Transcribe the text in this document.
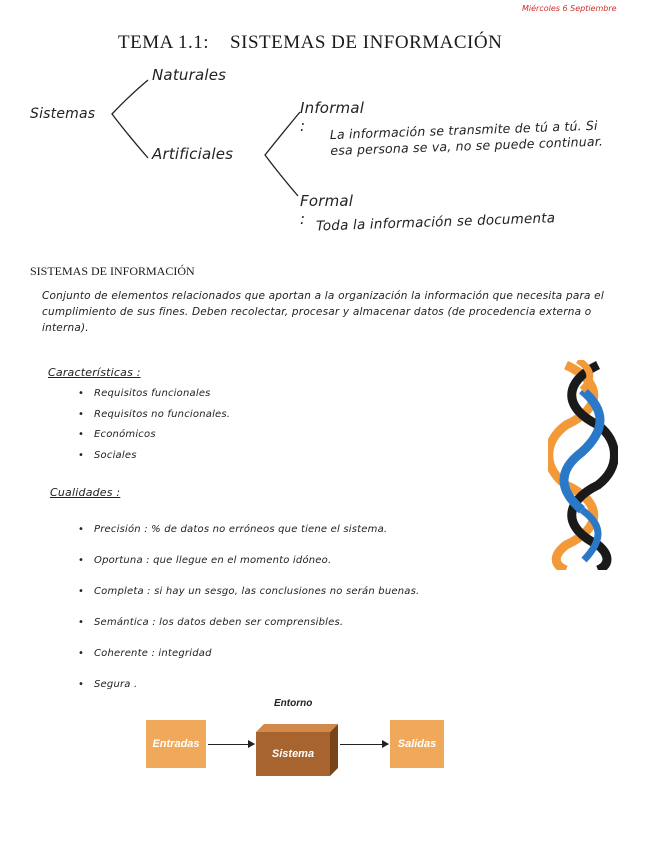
Miércoles 6 Septiembre
TEMA 1.1:    SISTEMAS DE INFORMACIÓN
Sistemas
Naturales
Artificiales
Informal :	La información se transmite de tú a tú. Si esa persona se va, no se puede continuar.
Formal : Toda la información se documenta
SISTEMAS DE INFORMACIÓN
Conjunto de elementos relacionados que aportan a la organización la información que necesita para el cumplimiento de sus fines. Deben recolectar, procesar y almacenar datos (de procedencia externa o interna).
Características :
• Requisitos funcionales
• Requisitos no funcionales.
• Económicos
• Sociales
Cualidades :
• Precisión : % de datos no erróneos que tiene el sistema.
• Oportuna : que llegue en el momento idóneo.
• Completa : si hay un sesgo, las conclusiones no serán buenas.
• Semántica : los datos deben ser comprensibles.
• Coherente : integridad
• Segura .
Entorno
Entradas
Sistema
Salidas
